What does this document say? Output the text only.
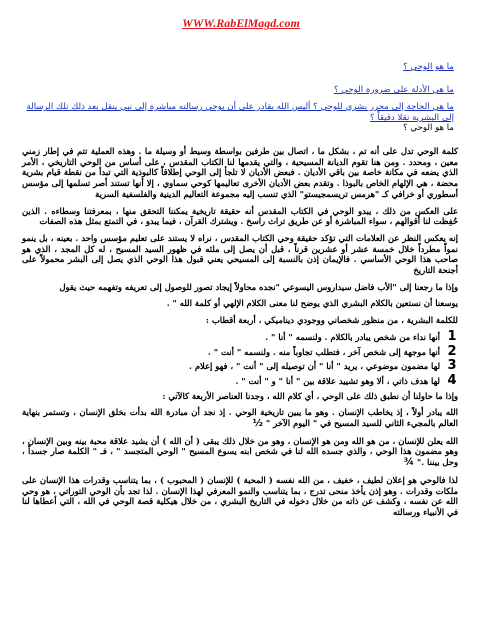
WWW.RabElMagd.com
ما هو الوحي ؟
ما هي الأدلة على ضرورة الوحي ؟
ما هي الحاجة إلى محرر بشري للوحي ؟ أليس الله بقادر على أن يوحي رسالته مباشرة إلى نبي ينقل بعد ذلك تلك الرسالة إلى البشرية نقلا دقيقاً ؟
ما هو الوحي ؟

كلمة الوحي تدل على أنه تم ، بشكل ما ، اتصال بين طرفين بواسطة وسيط أو وسيلة ما . وهذه العملية تتم في إطار زمني معين ، ومحدد . ومن هنا تقوم الديانة المسيحية ، والتي يقدمها لنا الكتاب المقدس ، على أساس من الوحي التاريخي ، الأمر الذي يضعه في مكانة خاصة بين باقي الأديان . فبعض الأديان لا تلجأ إلى الوحي إطلاقاً كالبوذية التي تبدأ من نقطة قيام بشرية محضة ، هي الإلهام الخاص بالبوذا . وتقدم بعض الأديان الأخرى تعاليمها كوحي سماوي ، إلا أنها تستند أصر تسلمها إلى مؤسس أسطوري أو خرافي كـ "هرمس تريسمجيستو" الذي تنسب إليه مجموعة التعاليم الدينية والفلسفية السرية

على العكس من ذلك ، يبدو الوحي في الكتاب المقدس أنه حقيقة تاريخية يمكننا التحقق منها ، بمعرفتنا وسطاءه . الذين حُفِظت لنا أقوالهم ، سواء المباشرة أو عن طريق تراث راسخ . ويشترك القرآن ، فيما يبدو ، في التمتع بمثل هذه الصفات

إنه يعكس النظر عن العلامات التي تؤكد حقيقة وحي الكتاب المقدس ، نراه لا يستند على تعليم مؤسس واحد . بعينه ، بل ينمو نمواً مطرداً خلال خمسة عشر أو عشرين قرناً ، قبل أن يصل إلى ملئه في ظهور السيد المسيح ، له كل المجد ، الذي هو صاحب هذا الوحي الأساسي . فالإيمان إذن بالنسبة إلى المسيحي يعني قبول هذا الوحي الذي يصل إلى البشر محمولاً على أجنحة التاريخ

وإذا ما رجعنا إلى "الأب فاضل سيداروس اليسوعي "نجده محاولاً إيجاد تصور للوصول إلى تعريفه وتفهمه حيث يقول

يوسعنا أن نستعين بالكلام البشري الذي يوضح لنا معنى الكلام الإلهي أو كلمة الله " .

للكلمة البشرية ، من منظور شخصاني ووجودي ديناميكي ، أربعة أقطاب :

1
أنها نداء من شخص يبادر بالكلام . ولنسمه " أنا " .
2
أنها موجهة إلى شخص آخر ، فتطلب تجاوباً منه . ولنسمه " أنت " .
3
لها مضمون موضوعي ، يريد " أنا " أن توصيله إلى " أنت " ، فهو إعلام .
4
لها هدف ذاتي ، ألا وهو تشييد علاقة بين " أنا " و " أنت " .

وإذا ما حاولنا أن نطبق ذلك على الوحي ، أي كلام الله ، وجدنا العناصر الأربعة كالآتي :

الله يبادر أولاً ، إذ يخاطب الإنسان . وهو ما يبين تاريخية الوحي . إذ نجد أن مبادرة الله بدأت بخلق الإنسان ، وتستمر بنهاية العالم بالمجيء الثاني للسيد المسيح في " اليوم الآخر " ½

الله يعلن للإنسان ، من هو الله ومن هو الإنسان ، وهو من خلال ذلك يبقى ( أن الله ) أن يشيد علاقة محبة بينه وبين الإنسان ، وهو مضمون هذا الوحي ، والذي جسده الله لنا في شخص ابنه يسوع المسيح " الوحي المتجسد " ، فـ " الكلمة صار جسداً ، وحل بيننا ." ¾

لذا فالوحي هو إعلان لطيف ، خفيف ، من الله نفسه ( المحبة ) للإنسان ( المحبوب ) ، بما يتناسب وقدرات هذا الإنسان على ملكات وقدرات . وهو إذن يأخذ منحى تدرج ، بما يتناسب والنمو المعرفي لهذا الإنسان . لذا تجد بأن الوحي التوراتي ، هو وحي الله عن نفسه ، وكشف عن ذاته من خلال دخوله في التاريخ البشري ، من خلال هيكلية قصة الوحي في الله ، التي أعطاها لنا في الأنبياء ورسالته
